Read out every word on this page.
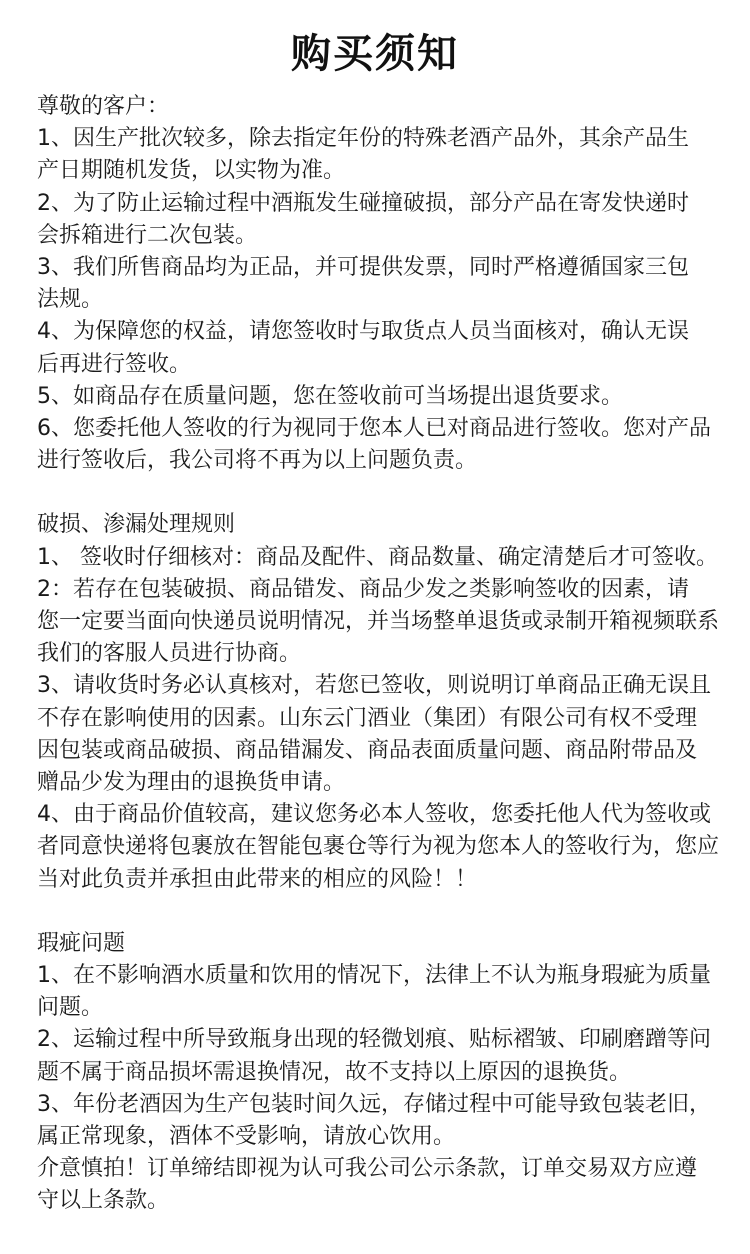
购买须知
尊敬的客户：
1、因生产批次较多，除去指定年份的特殊老酒产品外，其余产品生
产日期随机发货，以实物为准。
2、为了防止运输过程中酒瓶发生碰撞破损，部分产品在寄发快递时
会拆箱进行二次包装。
3、我们所售商品均为正品，并可提供发票，同时严格遵循国家三包
法规。
4、为保障您的权益，请您签收时与取货点人员当面核对，确认无误
后再进行签收。
5、如商品存在质量问题，您在签收前可当场提出退货要求。
6、您委托他人签收的行为视同于您本人已对商品进行签收。您对产品
进行签收后，我公司将不再为以上问题负责。
破损、渗漏处理规则
1、 签收时仔细核对：商品及配件、商品数量、确定清楚后才可签收。
2：若存在包装破损、商品错发、商品少发之类影响签收的因素，请
您一定要当面向快递员说明情况，并当场整单退货或录制开箱视频联系
我们的客服人员进行协商。
3、请收货时务必认真核对，若您已签收，则说明订单商品正确无误且
不存在影响使用的因素。山东云门酒业（集团）有限公司有权不受理
因包装或商品破损、商品错漏发、商品表面质量问题、商品附带品及
赠品少发为理由的退换货申请。
4、由于商品价值较高，建议您务必本人签收，您委托他人代为签收或
者同意快递将包裹放在智能包裹仓等行为视为您本人的签收行为，您应
当对此负责并承担由此带来的相应的风险！！
瑕疵问题
1、在不影响酒水质量和饮用的情况下，法律上不认为瓶身瑕疵为质量
问题。
2、运输过程中所导致瓶身出现的轻微划痕、贴标褶皱、印刷磨蹭等问
题不属于商品损坏需退换情况，故不支持以上原因的退换货。
3、年份老酒因为生产包装时间久远，存储过程中可能导致包装老旧，
属正常现象，酒体不受影响，请放心饮用。
介意慎拍！订单缔结即视为认可我公司公示条款，订单交易双方应遵
守以上条款。
